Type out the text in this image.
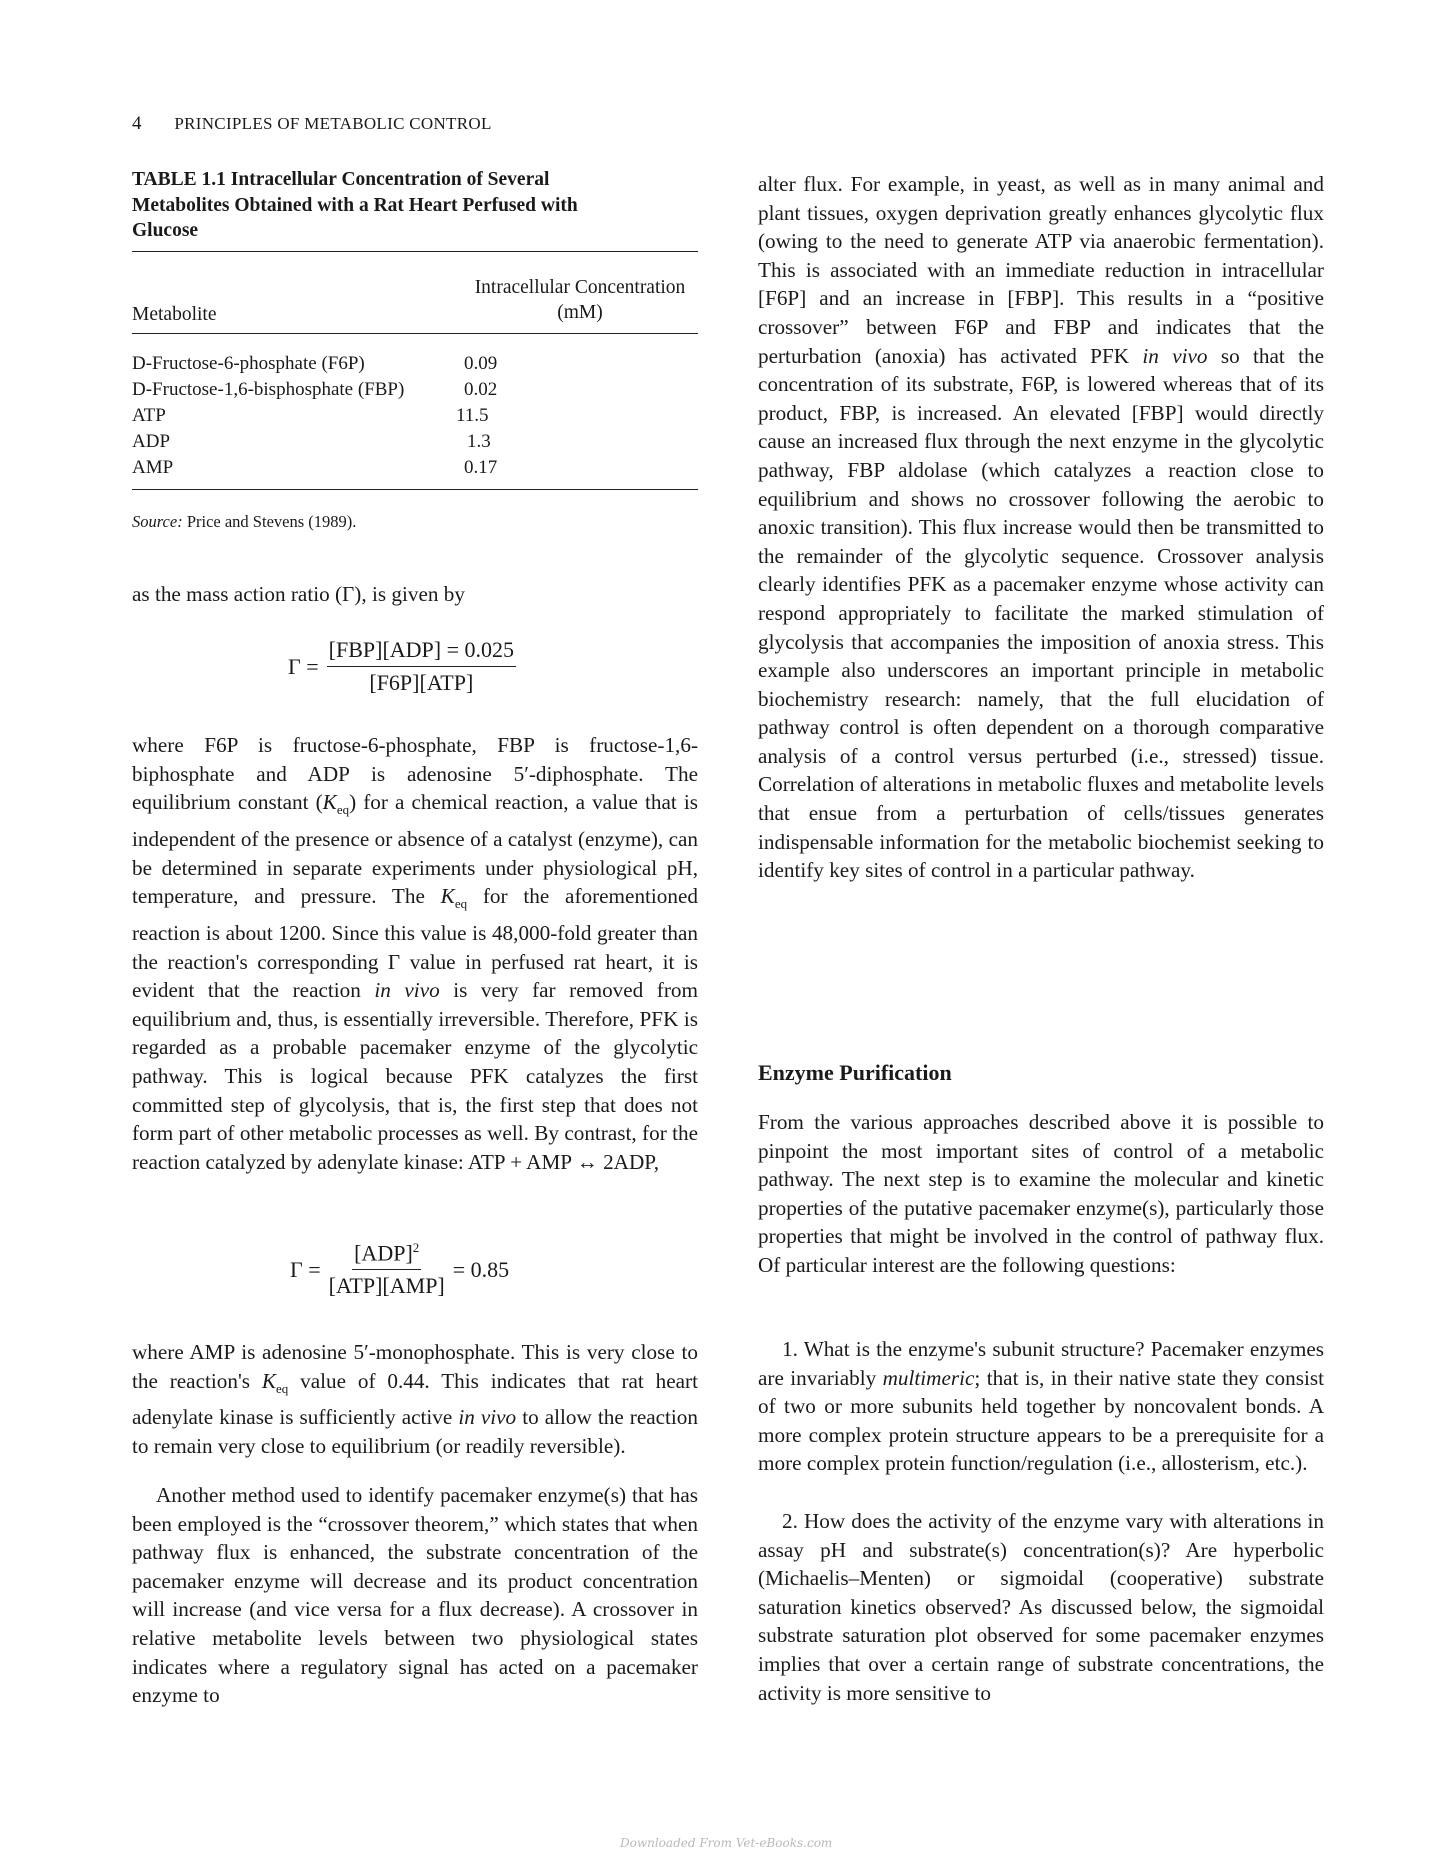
4 PRINCIPLES OF METABOLIC CONTROL
TABLE 1.1 Intracellular Concentration of Several Metabolites Obtained with a Rat Heart Perfused with Glucose
Metabolite
Intracellular Concentration
(mM)
D-Fructose-6-phosphate (F6P)	0.09
D-Fructose-1,6-bisphosphate (FBP)	0.02
ATP	11.5
ADP	1.3
AMP	0.17
Source: Price and Stevens (1989).

as the mass action ratio (Γ), is given by

$\Gamma = \frac{\text{[FBP][ADP] = 0.025}}{\text{[F6P][ATP]}}$

where F6P is fructose-6-phosphate, FBP is fructose-1,6-biphosphate and ADP is adenosine 5′-diphosphate. The equilibrium constant $(K_{eq})$ for a chemical reaction, a value that is independent of the presence or absence of a catalyst (enzyme), can be determined in separate experiments under physiological pH, temperature, and pressure. The $K_{eq}$ for the aforementioned reaction is about 1200. Since this value is 48,000-fold greater than the reaction's corresponding Γ value in perfused rat heart, it is evident that the reaction in vivo is very far removed from equilibrium and, thus, is essentially irreversible. Therefore, PFK is regarded as a probable pacemaker enzyme of the glycolytic pathway. This is logical because PFK catalyzes the first committed step of glycolysis, that is, the first step that does not form part of other metabolic processes as well. By contrast, for the reaction catalyzed by adenylate kinase: ATP + AMP ↔ 2ADP,

$\Gamma = \frac{[ADP]^2}{\text{[ATP][AMP]}} = 0.85$

where AMP is adenosine 5′-monophosphate. This is very close to the reaction's $K_{eq}$ value of 0.44. This indicates that rat heart adenylate kinase is sufficiently active in vivo to allow the reaction to remain very close to equilibrium (or readily reversible).

Another method used to identify pacemaker enzyme(s) that has been employed is the “crossover theorem,” which states that when pathway flux is enhanced, the substrate concentration of the pacemaker enzyme will decrease and its product concentration will increase (and vice versa for a flux decrease). A crossover in relative metabolite levels between two physiological states indicates where a regulatory signal has acted on a pacemaker enzyme to

alter flux. For example, in yeast, as well as in many animal and plant tissues, oxygen deprivation greatly enhances glycolytic flux (owing to the need to generate ATP via anaerobic fermentation). This is associated with an immediate reduction in intracellular [F6P] and an increase in [FBP]. This results in a “positive crossover” between F6P and FBP and indicates that the perturbation (anoxia) has activated PFK in vivo so that the concentration of its substrate, F6P, is lowered whereas that of its product, FBP, is increased. An elevated [FBP] would directly cause an increased flux through the next enzyme in the glycolytic pathway, FBP aldolase (which catalyzes a reaction close to equilibrium and shows no crossover following the aerobic to anoxic transition). This flux increase would then be transmitted to the remainder of the glycolytic sequence. Crossover analysis clearly identifies PFK as a pacemaker enzyme whose activity can respond appropriately to facilitate the marked stimulation of glycolysis that accompanies the imposition of anoxia stress. This example also underscores an important principle in metabolic biochemistry research: namely, that the full elucidation of pathway control is often dependent on a thorough comparative analysis of a control versus perturbed (i.e., stressed) tissue. Correlation of alterations in metabolic fluxes and metabolite levels that ensue from a perturbation of cells/tissues generates indispensable information for the metabolic biochemist seeking to identify key sites of control in a particular pathway.

Enzyme Purification

From the various approaches described above it is possible to pinpoint the most important sites of control of a metabolic pathway. The next step is to examine the molecular and kinetic properties of the putative pacemaker enzyme(s), particularly those properties that might be involved in the control of pathway flux. Of particular interest are the following questions:

1. What is the enzyme's subunit structure? Pacemaker enzymes are invariably multimeric; that is, in their native state they consist of two or more subunits held together by noncovalent bonds. A more complex protein structure appears to be a prerequisite for a more complex protein function/regulation (i.e., allosterism, etc.).

2. How does the activity of the enzyme vary with alterations in assay pH and substrate(s) concentration(s)? Are hyperbolic (Michaelis–Menten) or sigmoidal (cooperative) substrate saturation kinetics observed? As discussed below, the sigmoidal substrate saturation plot observed for some pacemaker enzymes implies that over a certain range of substrate concentrations, the activity is more sensitive to

Downloaded From Vet-eBooks.com
